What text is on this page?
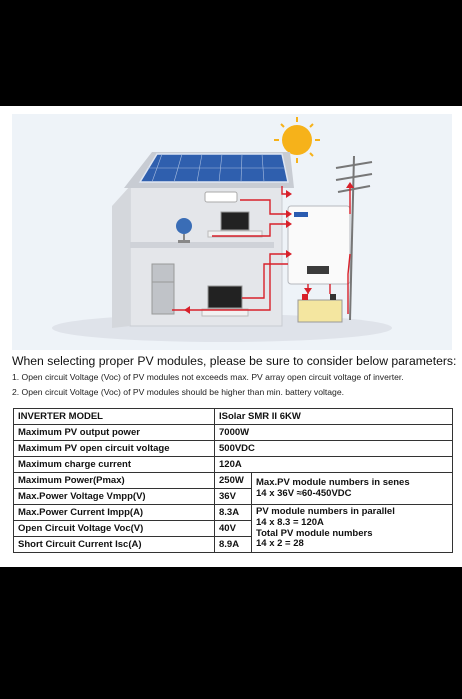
When selecting proper PV modules, please be sure to consider below parameters:
1. Open circuit Voltage (Voc) of PV modules not exceeds max. PV array open circuit voltage of inverter.
2. Open circuit Voltage (Voc) of PV modules should be higher than min. battery voltage.
INVERTER MODEL	ISolar SMR II 6KW	
Maximum PV output power	7000W	
Maximum PV open circuit voltage	500VDC	
Maximum charge current	120A	
Maximum Power(Pmax)	250W	Max.PV module numbers in senes
14 x 36V ≈60-450VDC

Max.Power Voltage Vmpp(V)	36V	
Max.Power Current Impp(A)	8.3A	PV module numbers in parallel
14 x 8.3 = 120A
Total PV module numbers
14 x 2 = 28

Open Circuit Voltage Voc(V)	40V	
Short Circuit Current Isc(A)	8.9A	
